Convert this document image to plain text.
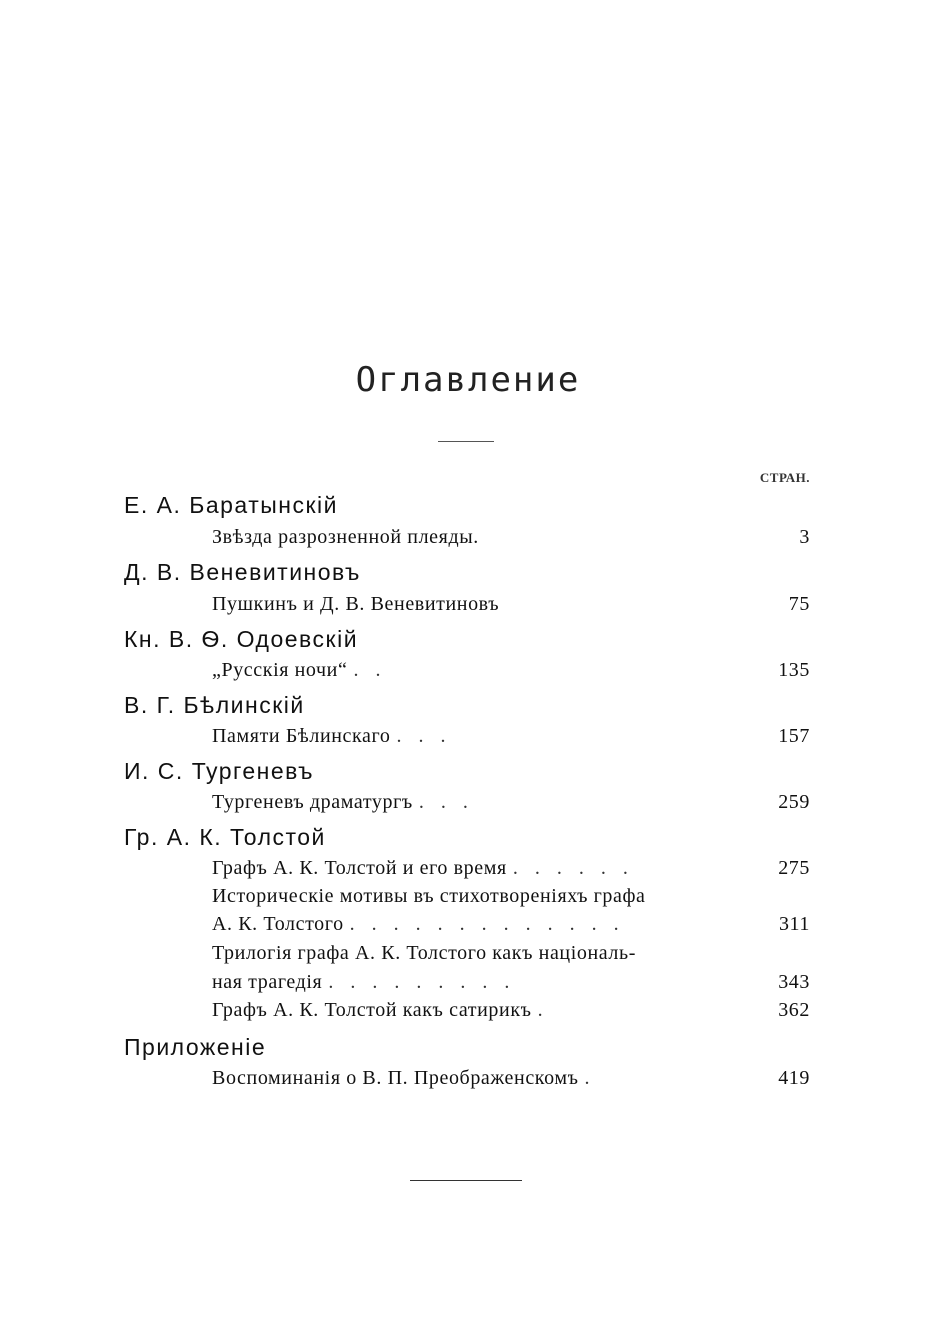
Оглавление
СТРАН.
Е. А. Баратынскій
Звѣзда разрозненной плеяды.	3
Д. В. Веневитиновъ
Пушкинъ и Д. В. Веневитиновъ	75
Кн. В. Ѳ. Одоевскій
„Русскія ночи“ . .	135
В. Г. Бѣлинскій
Памяти Бѣлинскаго . . .	157
И. С. Тургеневъ
Тургеневъ драматургъ . . .	259
Гр. А. К. Толстой
Графъ А. К. Толстой и его время . . . . . .	275
Историческіе мотивы въ стихотвореніяхъ графа
А. К. Толстого . . . . . . . . . . . . .	311
Трилогія графа А. К. Толстого какъ національ-
ная трагедія . . . . . . . . .	343
Графъ А. К. Толстой какъ сатирикъ .	362
Приложеніе
Воспоминанія о В. П. Преображенскомъ .	419
